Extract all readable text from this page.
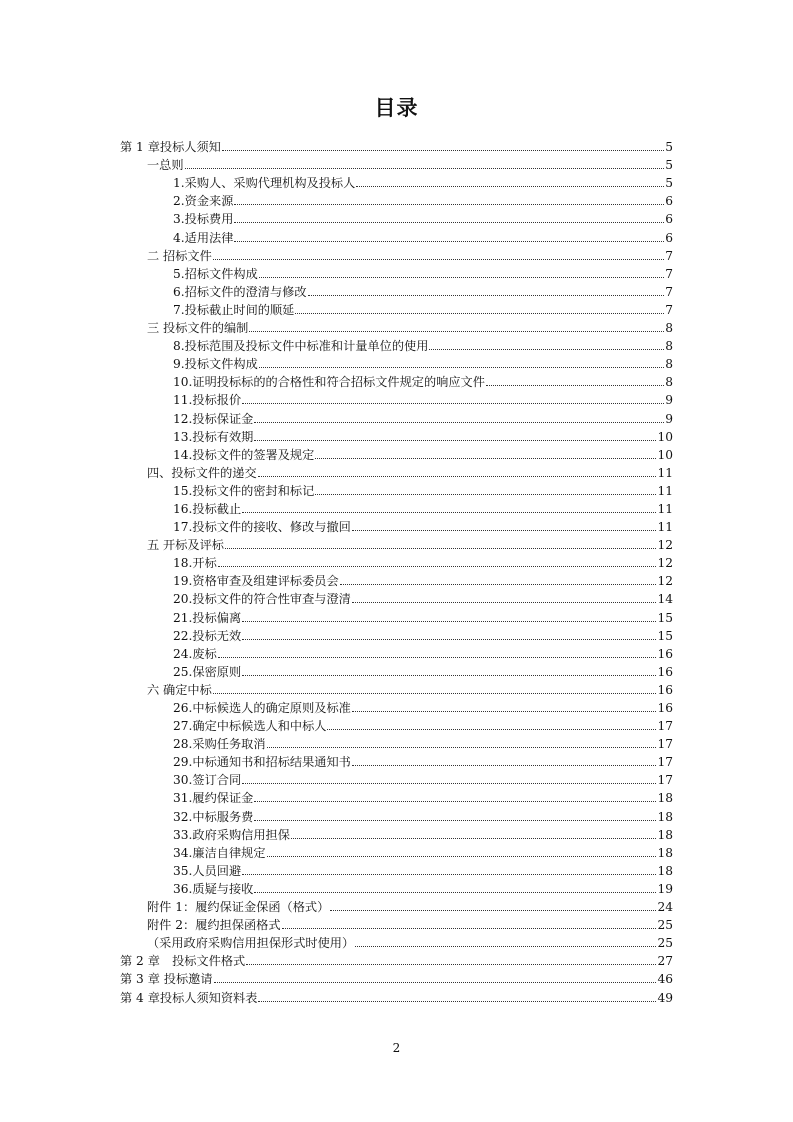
目录
第 1 章投标人须知	5
一总则	5
1.采购人、采购代理机构及投标人	5
2.资金来源	6
3.投标费用	6
4.适用法律	6
二 招标文件	7
5.招标文件构成	7
6.招标文件的澄清与修改	7
7.投标截止时间的顺延	7
三 投标文件的编制	8
8.投标范围及投标文件中标准和计量单位的使用	8
9.投标文件构成	8
10.证明投标标的的合格性和符合招标文件规定的响应文件	8
11.投标报价	9
12.投标保证金	9
13.投标有效期	10
14.投标文件的签署及规定	10
四、投标文件的递交	11
15.投标文件的密封和标记	11
16.投标截止	11
17.投标文件的接收、修改与撤回	11
五 开标及评标	12
18.开标	12
19.资格审查及组建评标委员会	12
20.投标文件的符合性审查与澄清	14
21.投标偏离	15
22.投标无效	15
24.废标	16
25.保密原则	16
六 确定中标	16
26.中标候选人的确定原则及标准	16
27.确定中标候选人和中标人	17
28.采购任务取消	17
29.中标通知书和招标结果通知书	17
30.签订合同	17
31.履约保证金	18
32.中标服务费	18
33.政府采购信用担保	18
34.廉洁自律规定	18
35.人员回避	18
36.质疑与接收	19
附件 1：履约保证金保函（格式）	24
附件 2：履约担保函格式	25
（采用政府采购信用担保形式时使用）	25
第 2 章　投标文件格式	27
第 3 章 投标邀请	46
第 4 章投标人须知资料表	49
2
